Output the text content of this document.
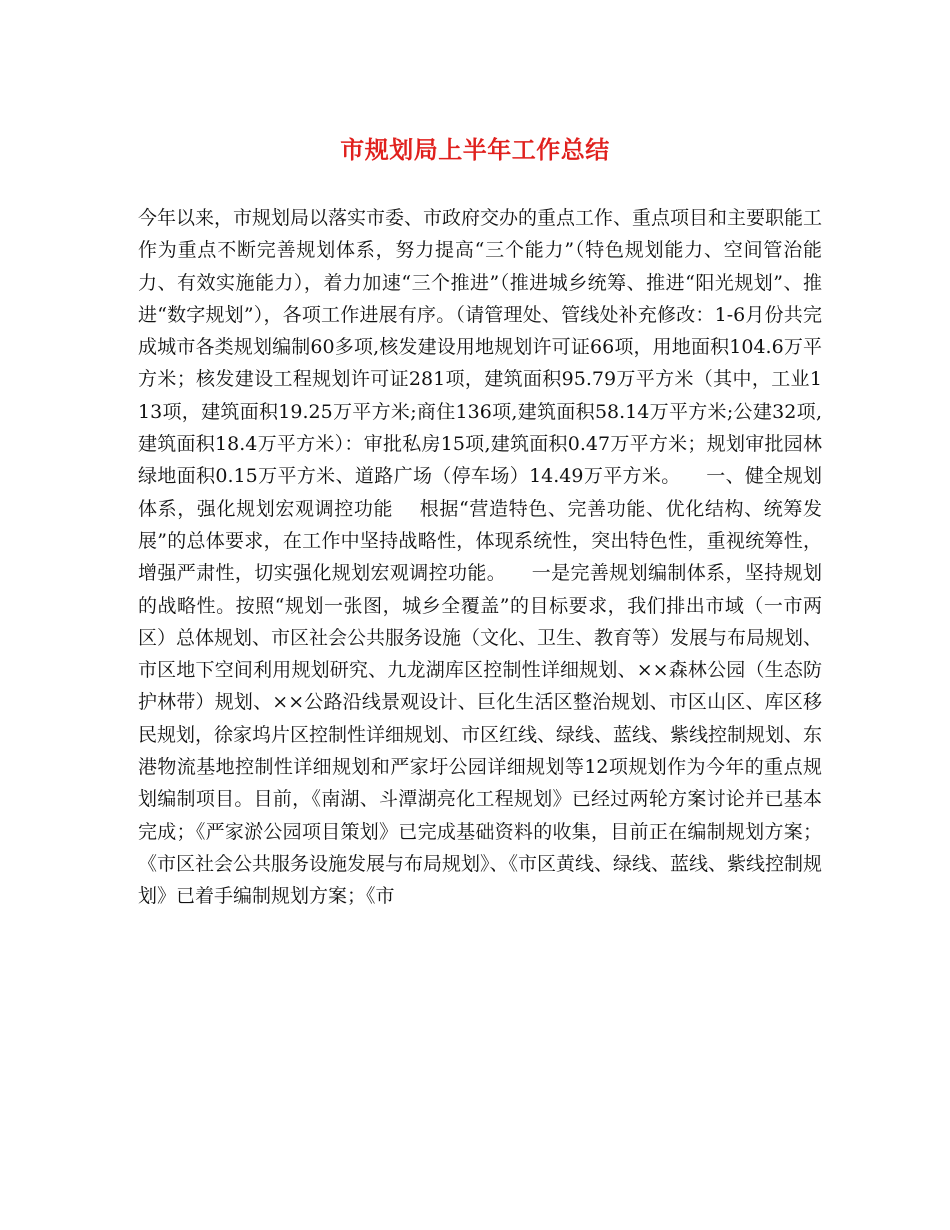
市规划局上半年工作总结

今年以来，市规划局以落实市委、市政府交办的重点工作、重点项目和主要职能工作为重点不断完善规划体系，努力提高“三个能力”（特色规划能力、空间管治能力、有效实施能力），着力加速“三个推进”（推进城乡统筹、推进“阳光规划”、推进“数字规划”），各项工作进展有序。（请管理处、管线处补充修改：1-6月份共完成城市各类规划编制60多项,核发建设用地规划许可证66项，用地面积104.6万平方米；核发建设工程规划许可证281项，建筑面积95.79万平方米（其中，工业113项，建筑面积19.25万平方米;商住136项,建筑面积58.14万平方米;公建32项,建筑面积18.4万平方米）：审批私房15项,建筑面积0.47万平方米；规划审批园林绿地面积0.15万平方米、道路广场（停车场）14.49万平方米。    一、健全规划体系，强化规划宏观调控功能    根据“营造特色、完善功能、优化结构、统筹发展”的总体要求，在工作中坚持战略性，体现系统性，突出特色性，重视统筹性，增强严肃性，切实强化规划宏观调控功能。    一是完善规划编制体系，坚持规划的战略性。按照“规划一张图，城乡全覆盖”的目标要求，我们排出市域（一市两区）总体规划、市区社会公共服务设施（文化、卫生、教育等）发展与布局规划、市区地下空间利用规划研究、九龙湖库区控制性详细规划、××森林公园（生态防护林带）规划、××公路沿线景观设计、巨化生活区整治规划、市区山区、库区移民规划，徐家坞片区控制性详细规划、市区红线、绿线、蓝线、紫线控制规划、东港物流基地控制性详细规划和严家圩公园详细规划等12项规划作为今年的重点规划编制项目。目前，《南湖、斗潭湖亮化工程规划》已经过两轮方案讨论并已基本完成；《严家淤公园项目策划》已完成基础资料的收集，目前正在编制规划方案；《市区社会公共服务设施发展与布局规划》、《市区黄线、绿线、蓝线、紫线控制规划》已着手编制规划方案；《市
